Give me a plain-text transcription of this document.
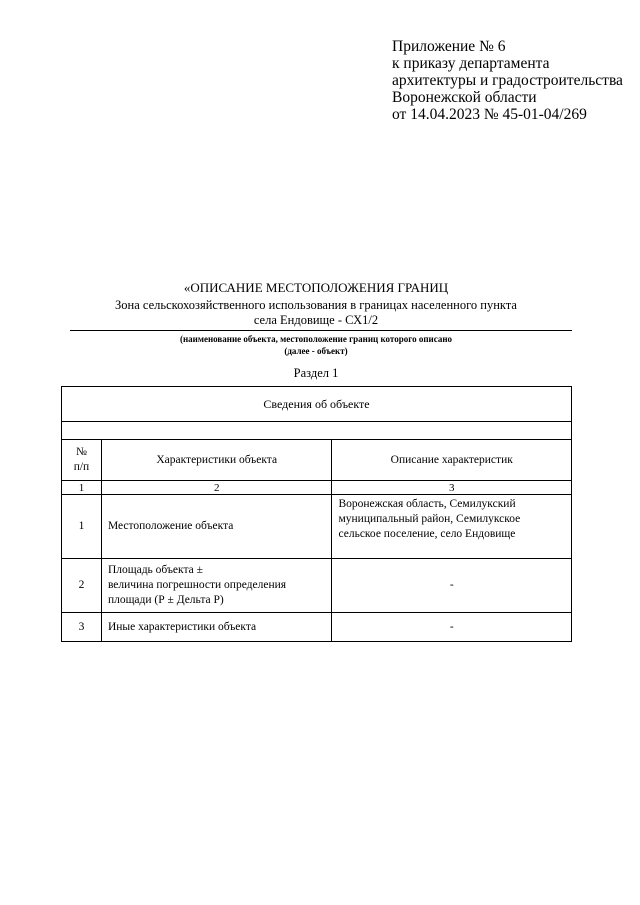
Приложение № 6
к приказу департамента
архитектуры и градостроительства
Воронежской области
от 14.04.2023 № 45-01-04/269
«ОПИСАНИЕ МЕСТОПОЛОЖЕНИЯ ГРАНИЦ
Зона сельскохозяйственного использования в границах населенного пункта
села Ендовище - СХ1/2
(наименование объекта, местоположение границ которого описано
(далее - объект)
Раздел 1
Сведения об объекте		

№
п/п	Характеристики объекта	Описание характеристик
1	2	3
1	Местоположение объекта	Воронежская область, Семилукский
муниципальный район, Семилукское
сельское поселение, село Ендовище

2	Площадь объекта ±
величина погрешности определения
площади (Р ± Дельта Р)	-
3	Иные характеристики объекта	-
